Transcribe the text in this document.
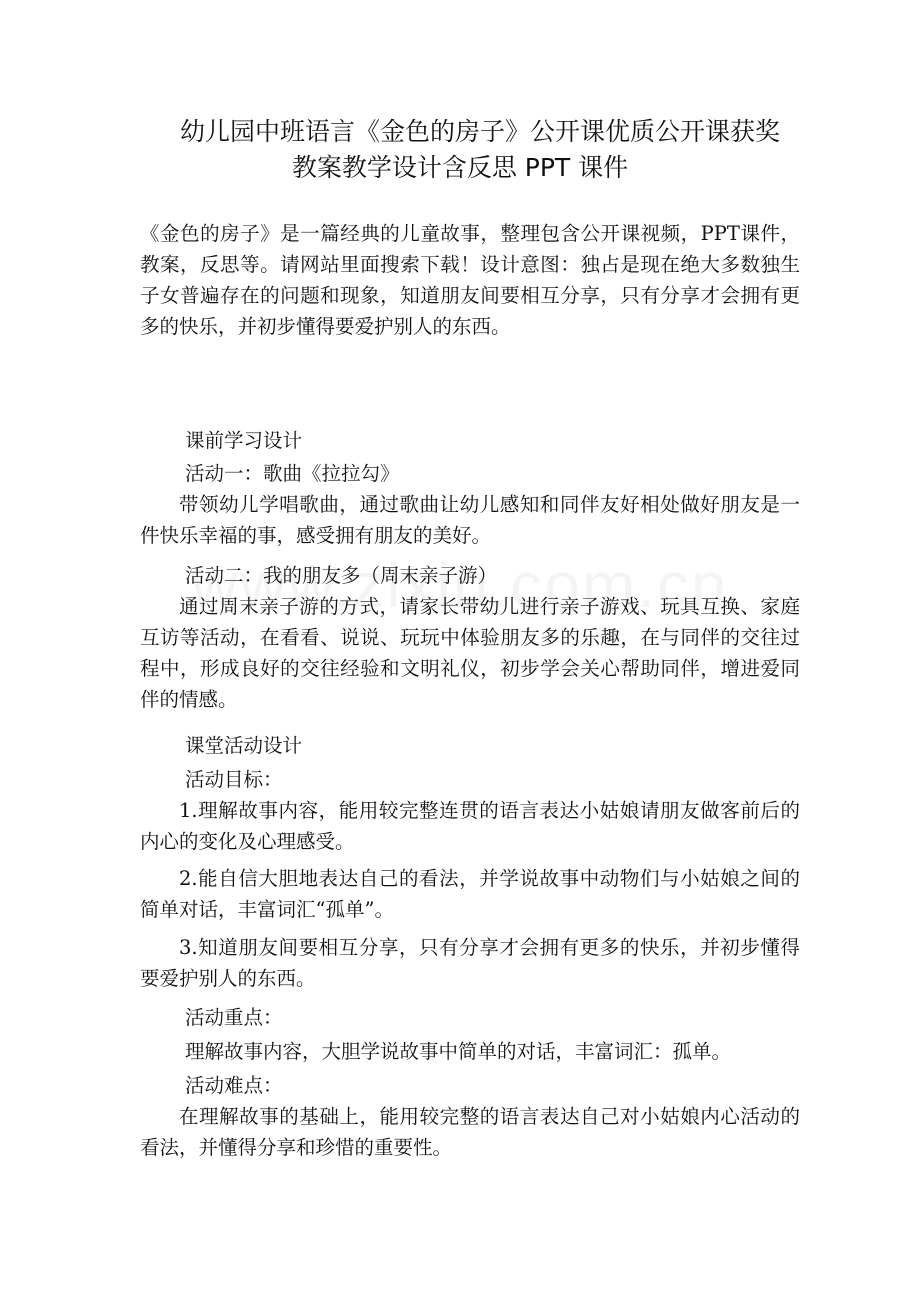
幼儿园中班语言《金色的房子》公开课优质公开课获奖
教案教学设计含反思 PPT 课件

《金色的房子》是一篇经典的儿童故事，整理包含公开课视频，PPT课件，教案，反思等。请网站里面搜索下载！设计意图：独占是现在绝大多数独生子女普遍存在的问题和现象，知道朋友间要相互分享，只有分享才会拥有更多的快乐，并初步懂得要爱护别人的东西。

课前学习设计
活动一：歌曲《拉拉勾》

带领幼儿学唱歌曲，通过歌曲让幼儿感知和同伴友好相处做好朋友是一件快乐幸福的事，感受拥有朋友的美好。

活动二：我的朋友多（周末亲子游）

通过周末亲子游的方式，请家长带幼儿进行亲子游戏、玩具互换、家庭互访等活动，在看看、说说、玩玩中体验朋友多的乐趣，在与同伴的交往过程中，形成良好的交往经验和文明礼仪，初步学会关心帮助同伴，增进爱同伴的情感。

课堂活动设计
活动目标：

1.理解故事内容，能用较完整连贯的语言表达小姑娘请朋友做客前后的内心的变化及心理感受。

2.能自信大胆地表达自己的看法，并学说故事中动物们与小姑娘之间的简单对话，丰富词汇“孤单”。

3.知道朋友间要相互分享，只有分享才会拥有更多的快乐，并初步懂得要爱护别人的东西。

活动重点：
理解故事内容，大胆学说故事中简单的对话，丰富词汇：孤单。
活动难点：

在理解故事的基础上，能用较完整的语言表达自己对小姑娘内心活动的看法，并懂得分享和珍惜的重要性。
